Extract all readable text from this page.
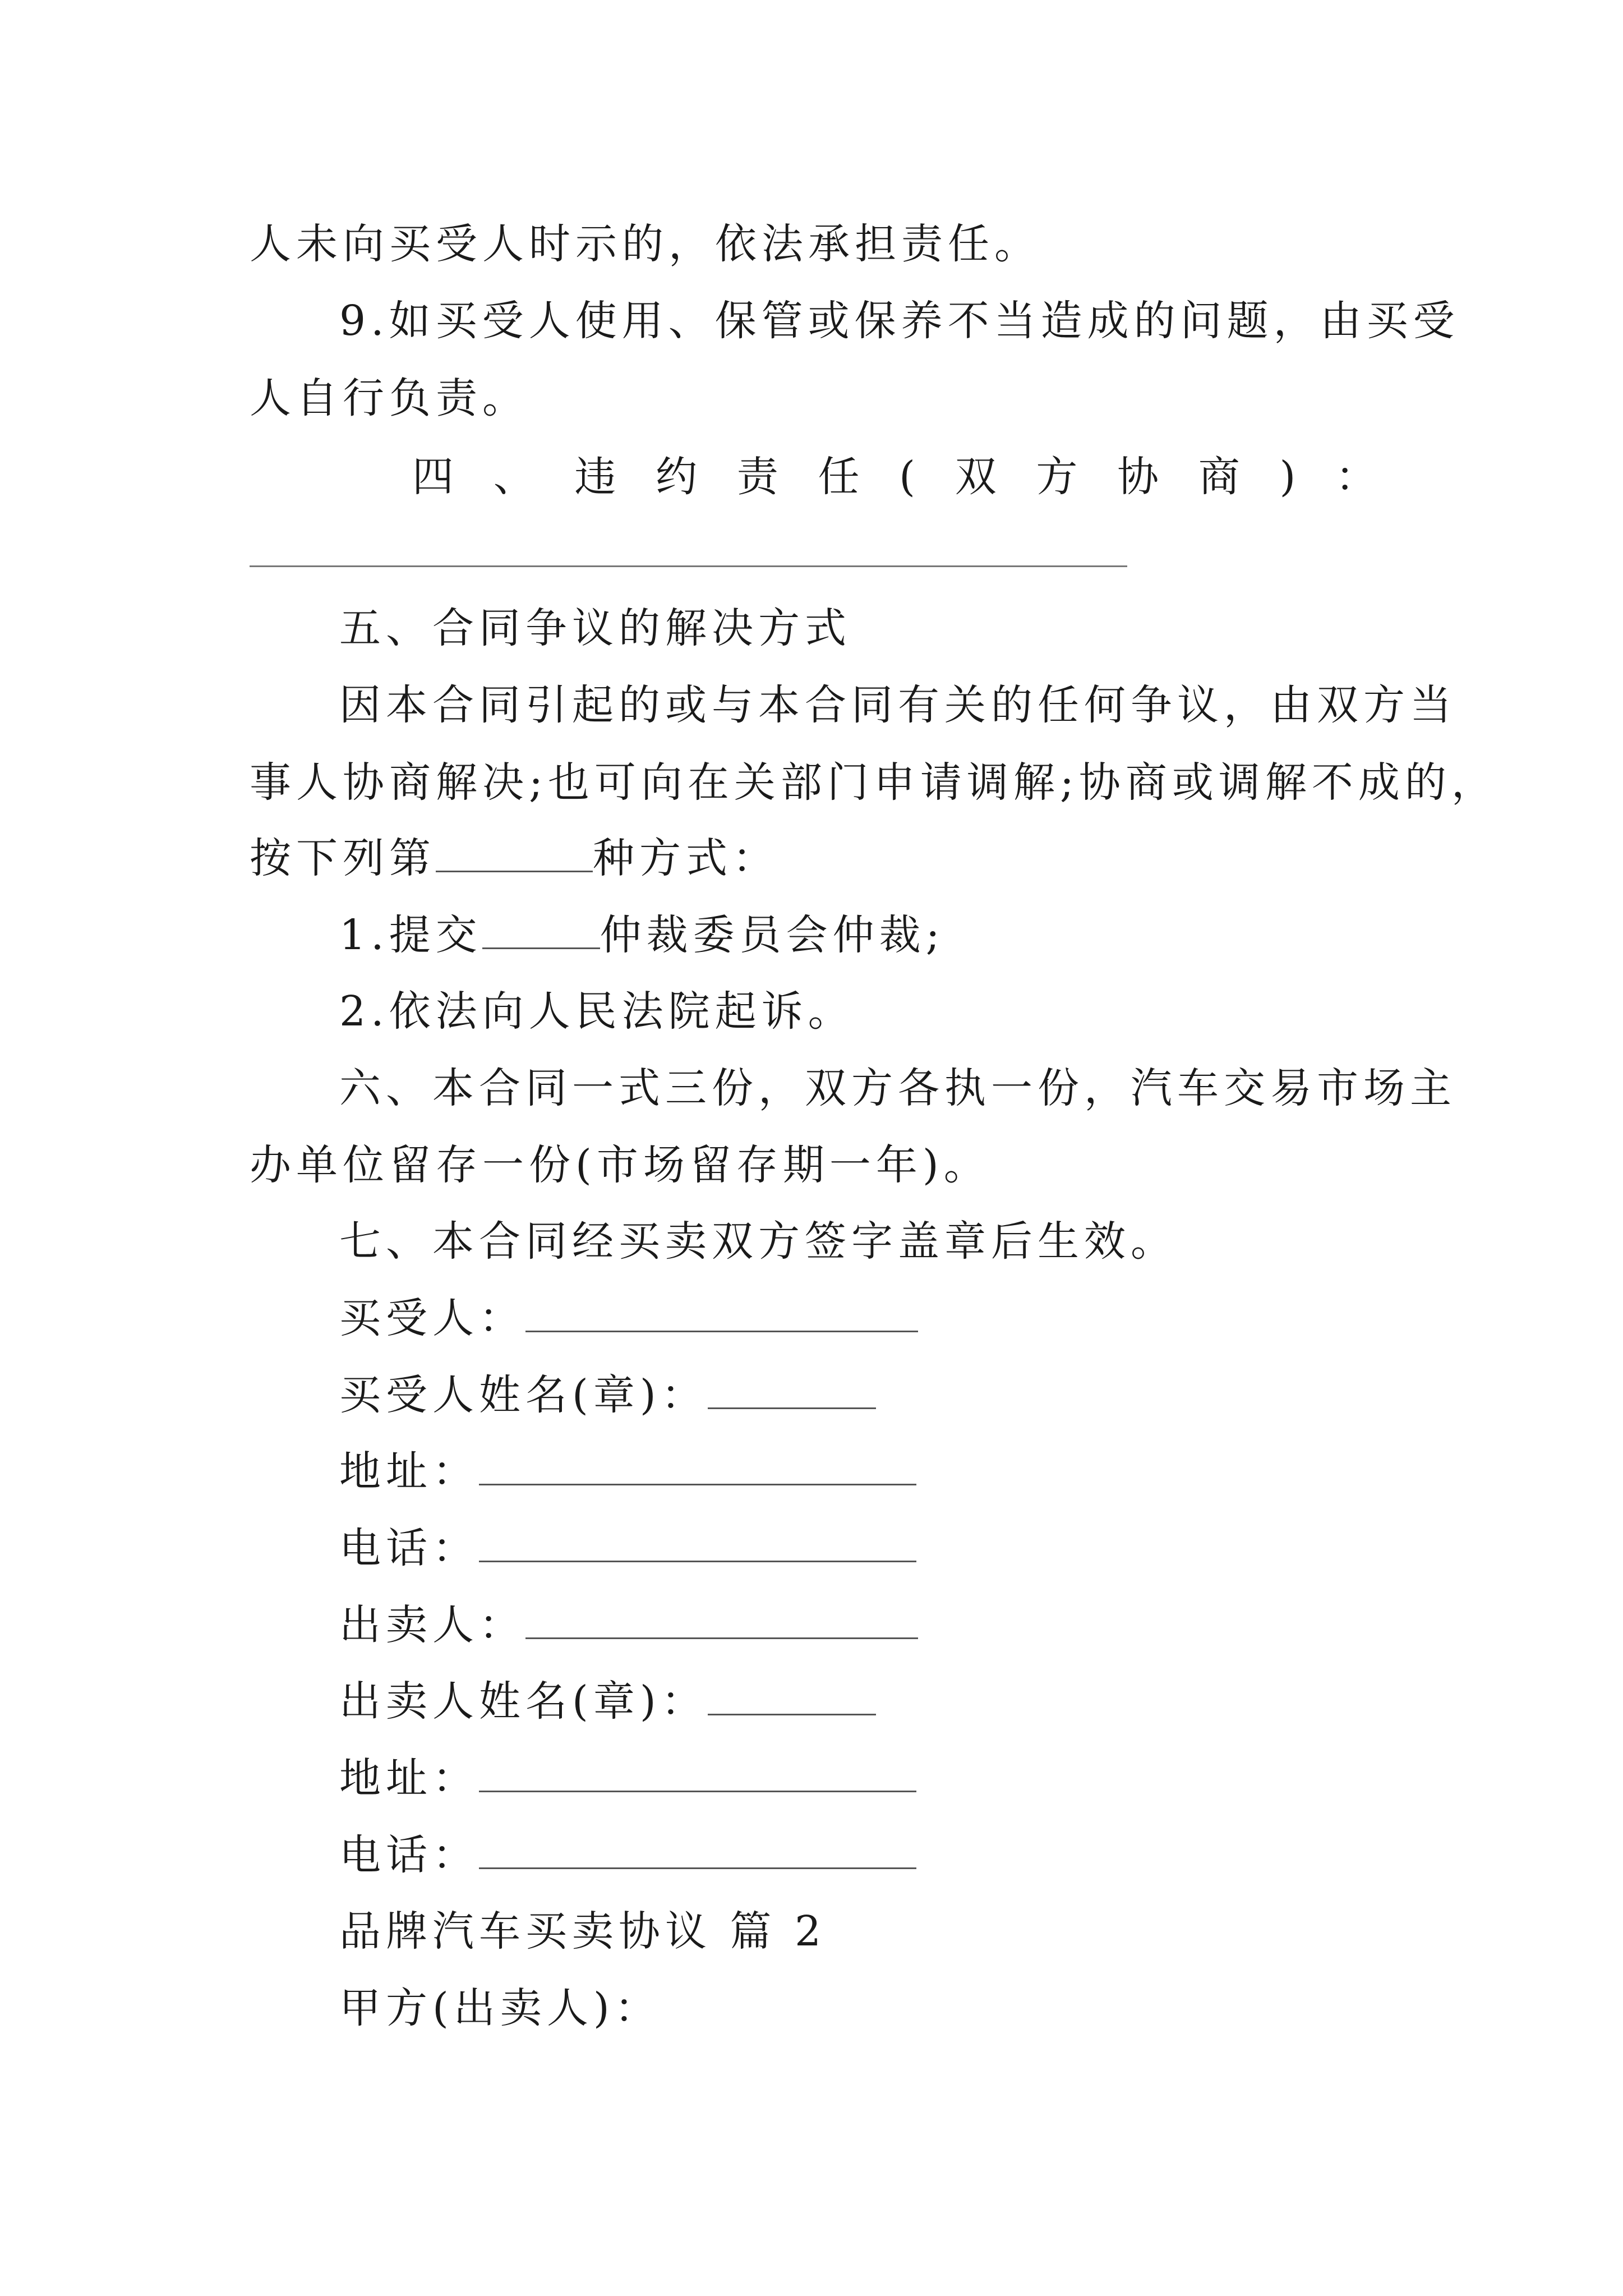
人未向买受人时示的，依法承担责任。
9.如买受人使用、保管或保养不当造成的问题，由买受
人自行负责。
四 、 违 约 责 任 ( 双 方 协 商 ) ：
五、合同争议的解决方式
因本合同引起的或与本合同有关的任何争议，由双方当
事人协商解决;也可向在关部门申请调解;协商或调解不成的，
按下列第	种方式：
1.提交	仲裁委员会仲裁;
2.依法向人民法院起诉。
六、本合同一式三份，双方各执一份，汽车交易市场主
办单位留存一份(市场留存期一年)。
七、本合同经买卖双方签字盖章后生效。
买受人：
买受人姓名(章)：
地址：
电话：
出卖人：
出卖人姓名(章)：
地址：
电话：
品牌汽车买卖协议 篇 2
甲方(出卖人)：
